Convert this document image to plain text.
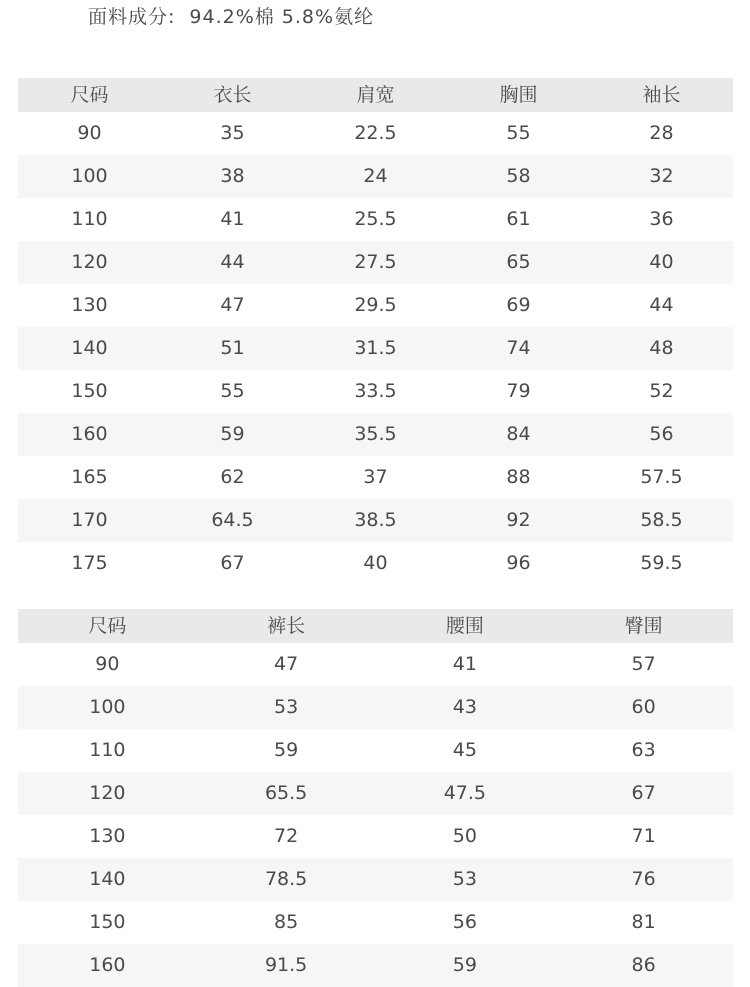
面料成分: 94.2%棉 5.8%氨纶
尺码	衣长	肩宽	胸围	袖长
90	35	22.5	55	28
100	38	24	58	32
110	41	25.5	61	36
120	44	27.5	65	40
130	47	29.5	69	44
140	51	31.5	74	48
150	55	33.5	79	52
160	59	35.5	84	56
165	62	37	88	57.5
170	64.5	38.5	92	58.5
175	67	40	96	59.5
尺码	裤长	腰围	臀围
90	47	41	57
100	53	43	60
110	59	45	63
120	65.5	47.5	67
130	72	50	71
140	78.5	53	76
150	85	56	81
160	91.5	59	86
